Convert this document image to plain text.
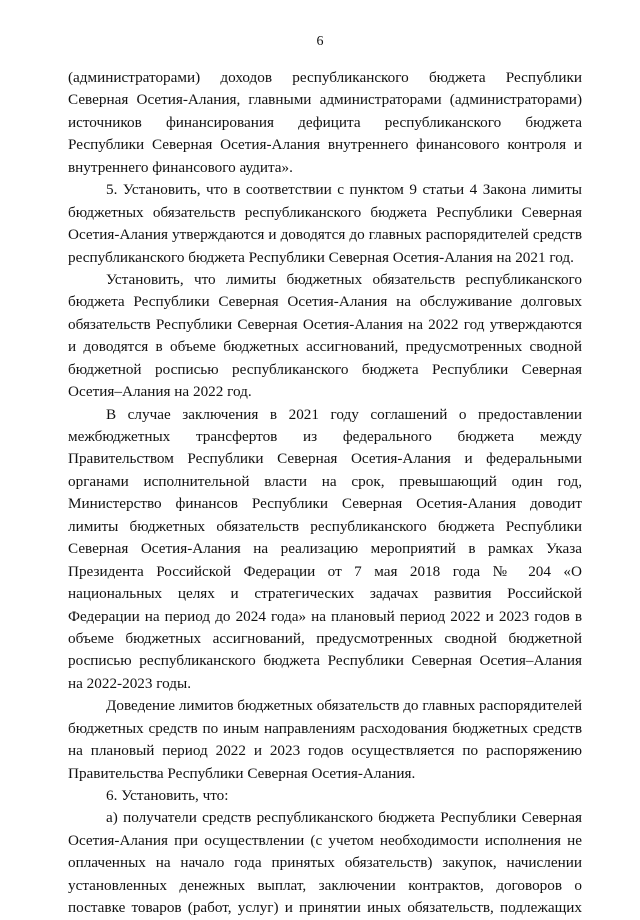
6
(администраторами) доходов республиканского бюджета Республики
Северная Осетия-Алания, главными администраторами (администраторами)
источников финансирования дефицита республиканского бюджета
Республики Северная Осетия-Алания внутреннего финансового контроля и
внутреннего финансового аудита».
5. Установить, что в соответствии с пунктом 9 статьи 4 Закона лимиты
бюджетных обязательств республиканского бюджета Республики Северная
Осетия-Алания утверждаются и доводятся до главных распорядителей средств
республиканского бюджета Республики Северная Осетия-Алания на 2021 год.
Установить, что лимиты бюджетных обязательств республиканского
бюджета Республики Северная Осетия-Алания на обслуживание долговых
обязательств Республики Северная Осетия-Алания на 2022 год утверждаются
и доводятся в объеме бюджетных ассигнований, предусмотренных сводной
бюджетной росписью республиканского бюджета Республики Северная
Осетия–Алания на 2022 год.
В случае заключения в 2021 году соглашений о предоставлении
межбюджетных трансфертов из федерального бюджета между
Правительством Республики Северная Осетия-Алания и федеральными
органами исполнительной власти на срок, превышающий один год,
Министерство финансов Республики Северная Осетия-Алания доводит
лимиты бюджетных обязательств республиканского бюджета Республики
Северная Осетия-Алания на реализацию мероприятий в рамках Указа
Президента Российской Федерации от 7 мая 2018 года № 204 «О
национальных целях и стратегических задачах развития Российской
Федерации на период до 2024 года» на плановый период 2022 и 2023 годов в
объеме бюджетных ассигнований, предусмотренных сводной бюджетной
росписью республиканского бюджета Республики Северная Осетия–Алания
на 2022-2023 годы.
Доведение лимитов бюджетных обязательств до главных распорядителей
бюджетных средств по иным направлениям расходования бюджетных средств
на плановый период 2022 и 2023 годов осуществляется по распоряжению
Правительства Республики Северная Осетия-Алания.
6. Установить, что:
а) получатели средств республиканского бюджета Республики Северная
Осетия-Алания при осуществлении (с учетом необходимости исполнения не
оплаченных на начало года принятых обязательств) закупок, начислении
установленных денежных выплат, заключении контрактов, договоров о
поставке товаров (работ, услуг) и принятии иных обязательств, подлежащих
